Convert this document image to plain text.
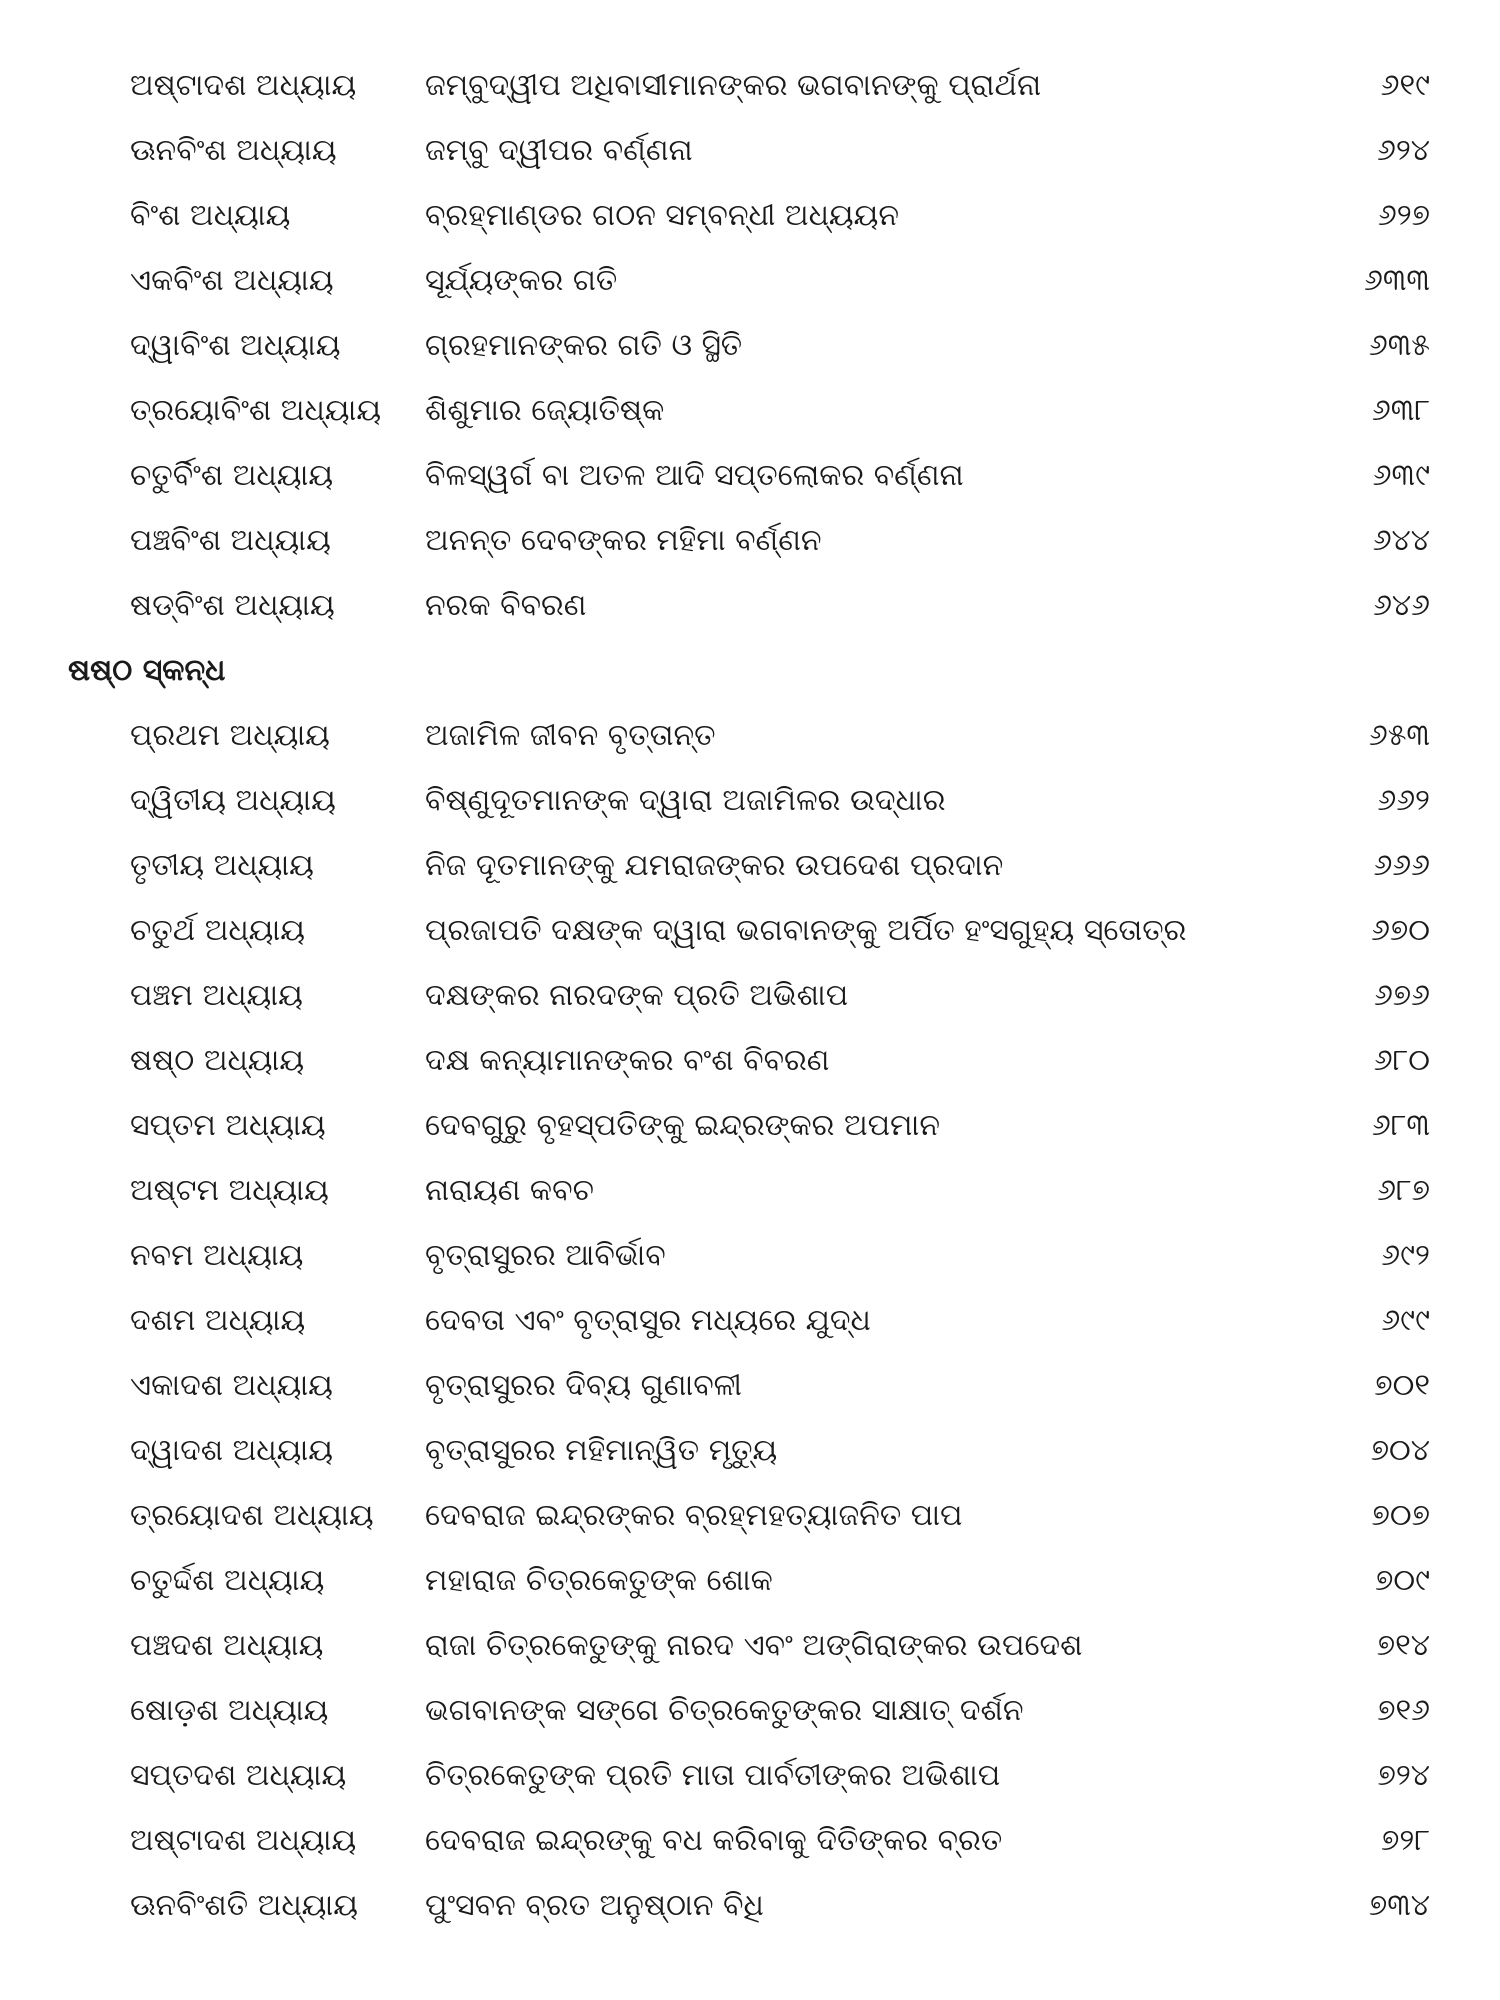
ଅଷ୍ଟାଦଶ ଅଧ୍ୟାୟ	ଜମ୍ବୁଦ୍ୱୀପ ଅଧିବାସୀମାନଙ୍କର ଭଗବାନଙ୍କୁ ପ୍ରାର୍ଥନା	୬୧୯
ଊନବିଂଶ ଅଧ୍ୟାୟ	ଜମ୍ବୁ ଦ୍ୱୀପର ବର୍ଣ୍ଣନା	୬୨୪
ବିଂଶ ଅଧ୍ୟାୟ	ବ୍ରହ୍ମାଣ୍ଡର ଗଠନ ସମ୍ବନ୍ଧୀ ଅଧ୍ୟୟନ	୬୨୭
ଏକବିଂଶ ଅଧ୍ୟାୟ	ସୂର୍ଯ୍ୟଙ୍କର ଗତି	୬୩୩
ଦ୍ୱାବିଂଶ ଅଧ୍ୟାୟ	ଗ୍ରହମାନଙ୍କର ଗତି ଓ ସ୍ଥିତି	୬୩୫
ତ୍ରୟୋବିଂଶ ଅଧ୍ୟାୟ	ଶିଶୁମାର ଜ୍ୟୋତିଷ୍କ	୬୩୮
ଚତୁର୍ବିଂଶ ଅଧ୍ୟାୟ	ବିଳସ୍ୱର୍ଗ ବା ଅତଳ ଆଦି ସପ୍ତଲୋକର ବର୍ଣ୍ଣନା	୬୩୯
ପଞ୍ଚବିଂଶ ଅଧ୍ୟାୟ	ଅନନ୍ତ ଦେବଙ୍କର ମହିମା ବର୍ଣ୍ଣନ	୬୪୪
ଷଡ୍ବିଂଶ ଅଧ୍ୟାୟ	ନରକ ବିବରଣ	୬୪୬
ଷଷ୍ଠ ସ୍କନ୍ଧ
ପ୍ରଥମ ଅଧ୍ୟାୟ	ଅଜାମିଳ ଜୀବନ ବୃତ୍ତାନ୍ତ	୬୫୩
ଦ୍ୱିତୀୟ ଅଧ୍ୟାୟ	ବିଷ୍ଣୁଦୂତମାନଙ୍କ ଦ୍ୱାରା ଅଜାମିଳର ଉଦ୍ଧାର	୬୬୨
ତୃତୀୟ ଅଧ୍ୟାୟ	ନିଜ ଦୂତମାନଙ୍କୁ ଯମରାଜଙ୍କର ଉପଦେଶ ପ୍ରଦାନ	୬୬୬
ଚତୁର୍ଥ ଅଧ୍ୟାୟ	ପ୍ରଜାପତି ଦକ୍ଷଙ୍କ ଦ୍ୱାରା ଭଗବାନଙ୍କୁ ଅର୍ପିତ ହଂସଗୁହ୍ୟ ସ୍ତୋତ୍ର	୬୭୦
ପଞ୍ଚମ ଅଧ୍ୟାୟ	ଦକ୍ଷଙ୍କର ନାରଦଙ୍କ ପ୍ରତି ଅଭିଶାପ	୬୭୬
ଷଷ୍ଠ ଅଧ୍ୟାୟ	ଦକ୍ଷ କନ୍ୟାମାନଙ୍କର ବଂଶ ବିବରଣ	୬୮୦
ସପ୍ତମ ଅଧ୍ୟାୟ	ଦେବଗୁରୁ ବୃହସ୍ପତିଙ୍କୁ ଇନ୍ଦ୍ରଙ୍କର ଅପମାନ	୬୮୩
ଅଷ୍ଟମ ଅଧ୍ୟାୟ	ନାରାୟଣ କବଚ	୬୮୭
ନବମ ଅଧ୍ୟାୟ	ବୃତ୍ରାସୁରର ଆବିର୍ଭାବ	୬୯୨
ଦଶମ ଅଧ୍ୟାୟ	ଦେବତା ଏବଂ ବୃତ୍ରାସୁର ମଧ୍ୟରେ ଯୁଦ୍ଧ	୬୯୯
ଏକାଦଶ ଅଧ୍ୟାୟ	ବୃତ୍ରାସୁରର ଦିବ୍ୟ ଗୁଣାବଳୀ	୭୦୧
ଦ୍ୱାଦଶ ଅଧ୍ୟାୟ	ବୃତ୍ରାସୁରର ମହିମାନ୍ୱିତ ମୃତ୍ୟୁ	୭୦୪
ତ୍ରୟୋଦଶ ଅଧ୍ୟାୟ	ଦେବରାଜ ଇନ୍ଦ୍ରଙ୍କର ବ୍ରହ୍ମହତ୍ୟାଜନିତ ପାପ	୭୦୭
ଚତୁର୍ଦ୍ଦଶ ଅଧ୍ୟାୟ	ମହାରାଜ ଚିତ୍ରକେତୁଙ୍କ ଶୋକ	୭୦୯
ପଞ୍ଚଦଶ ଅଧ୍ୟାୟ	ରାଜା ଚିତ୍ରକେତୁଙ୍କୁ ନାରଦ ଏବଂ ଅଙ୍ଗିରାଙ୍କର ଉପଦେଶ	୭୧୪
ଷୋଡ଼ଶ ଅଧ୍ୟାୟ	ଭଗବାନଙ୍କ ସଙ୍ଗେ ଚିତ୍ରକେତୁଙ୍କର ସାକ୍ଷାତ୍ ଦର୍ଶନ	୭୧୬
ସପ୍ତଦଶ ଅଧ୍ୟାୟ	ଚିତ୍ରକେତୁଙ୍କ ପ୍ରତି ମାତା ପାର୍ବତୀଙ୍କର ଅଭିଶାପ	୭୨୪
ଅଷ୍ଟାଦଶ ଅଧ୍ୟାୟ	ଦେବରାଜ ଇନ୍ଦ୍ରଙ୍କୁ ବଧ କରିବାକୁ ଦିତିଙ୍କର ବ୍ରତ	୭୨୮
ଊନବିଂଶତି ଅଧ୍ୟାୟ	ପୁଂସବନ ବ୍ରତ ଅନୁଷ୍ଠାନ ବିଧି	୭୩୪
